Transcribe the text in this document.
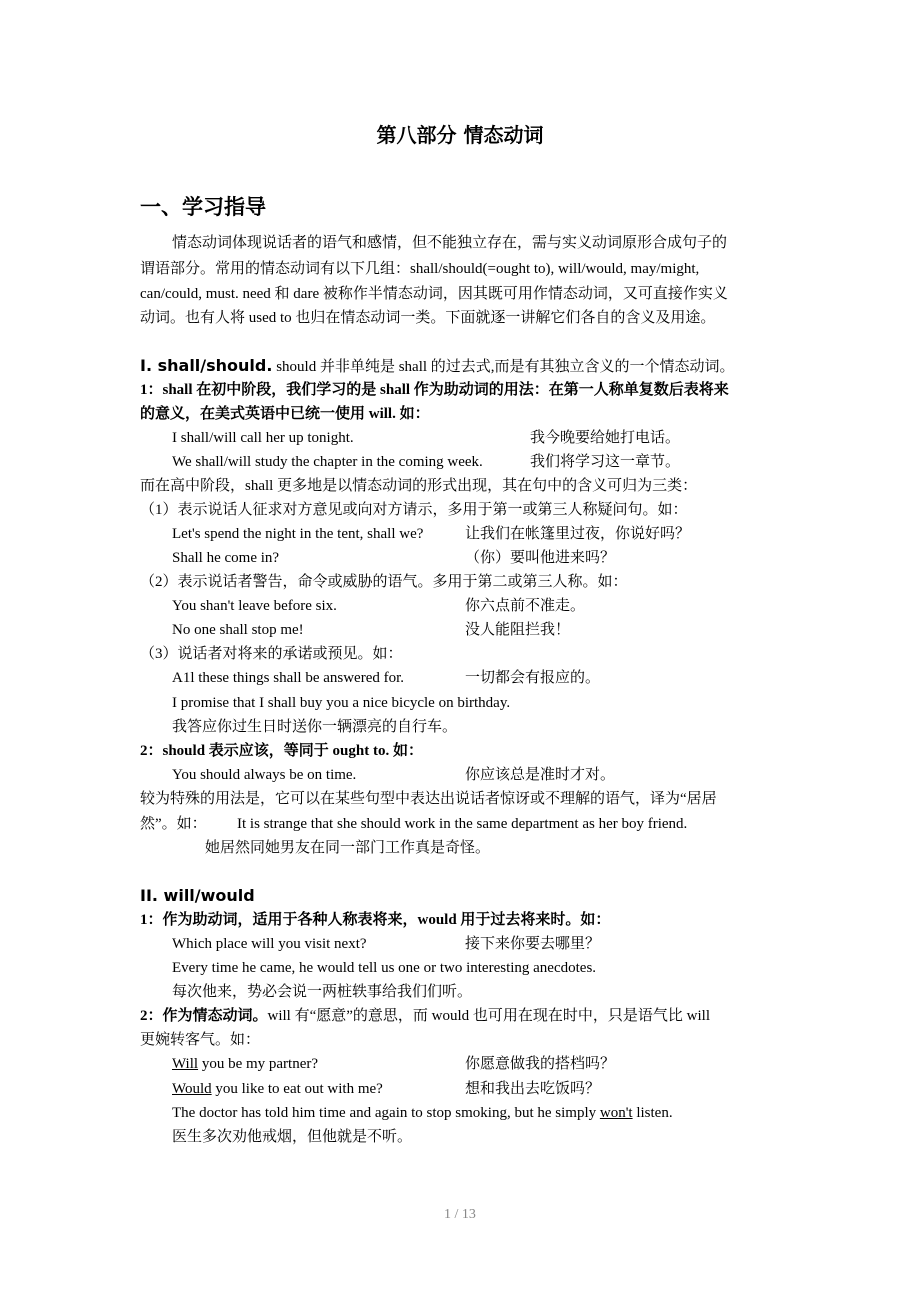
第八部分 情态动词
一、学习指导
情态动词体现说话者的语气和感情，但不能独立存在，需与实义动词原形合成句子的
谓语部分。常用的情态动词有以下几组：shall/should(=ought to), will/would, may/might,
can/could, must. need 和 dare 被称作半情态动词，因其既可用作情态动词，又可直接作实义
动词。也有人将 used to 也归在情态动词一类。下面就逐一讲解它们各自的含义及用途。
I. shall/should. should 并非单纯是 shall 的过去式,而是有其独立含义的一个情态动词。
1：shall 在初中阶段，我们学习的是 shall 作为助动词的用法：在第一人称单复数后表将来
的意义，在美式英语中已统一使用 will. 如：
I shall/will call her up tonight.	我今晚要给她打电话。
We shall/will study the chapter in the coming week.	我们将学习这一章节。
而在高中阶段，shall 更多地是以情态动词的形式出现，其在句中的含义可归为三类：
（1）表示说话人征求对方意见或向对方请示，多用于第一或第三人称疑问句。如：
Let's spend the night in the tent, shall we?	让我们在帐篷里过夜，你说好吗？
Shall he come in?	（你）要叫他进来吗？
（2）表示说话者警告，命令或威胁的语气。多用于第二或第三人称。如：
You shan't leave before six.	你六点前不准走。
No one shall stop me!	没人能阻拦我！
（3）说话者对将来的承诺或预见。如：
A1l these things shall be answered for.	一切都会有报应的。
I promise that I shall buy you a nice bicycle on birthday.
我答应你过生日时送你一辆漂亮的自行车。
2：should 表示应该，等同于 ought to. 如：
You should always be on time.	你应该总是准时才对。
较为特殊的用法是，它可以在某些句型中表达出说话者惊讶或不理解的语气，译为“居居
然”。如： It is strange that she should work in the same department as her boy friend.
她居然同她男友在同一部门工作真是奇怪。
II. will/would
1：作为助动词，适用于各种人称表将来，would 用于过去将来时。如：
Which place will you visit next?	接下来你要去哪里？
Every time he came, he would tell us one or two interesting anecdotes.
每次他来，势必会说一两桩轶事给我们们听。
2：作为情态动词。will 有“愿意”的意思，而 would 也可用在现在时中，只是语气比 will
更婉转客气。如：
Will you be my partner?	你愿意做我的搭档吗？
Would you like to eat out with me?	想和我出去吃饭吗？
The doctor has told him time and again to stop smoking, but he simply won't listen.
医生多次劝他戒烟，但他就是不听。
1 / 13
